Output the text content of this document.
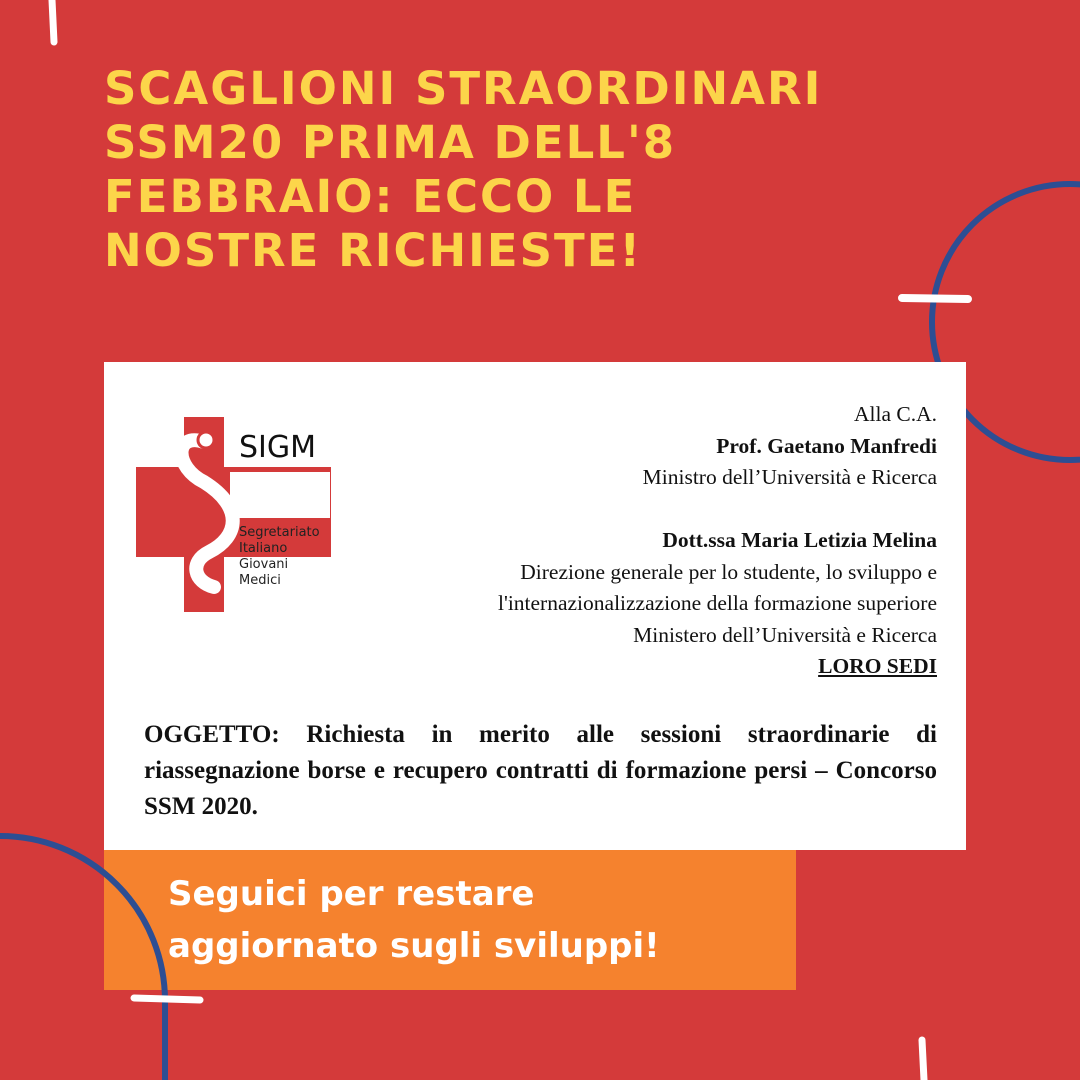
SCAGLIONI STRAORDINARI
SSM20 PRIMA DELL'8
FEBBRAIO: ECCO LE
NOSTRE RICHIESTE!
SIGM
Segretariato
Italiano
Giovani
Medici
Alla C.A.
Prof. Gaetano Manfredi
Ministro dell’Università e Ricerca
Dott.ssa Maria Letizia Melina
Direzione generale per lo studente, lo sviluppo e
l'internazionalizzazione della formazione superiore
Ministero dell’Università e Ricerca
LORO SEDI
OGGETTO: Richiesta in merito alle sessioni straordinarie di riassegnazione borse e recupero contratti di formazione persi – Concorso SSM 2020.
Seguici per restare
aggiornato sugli sviluppi!
